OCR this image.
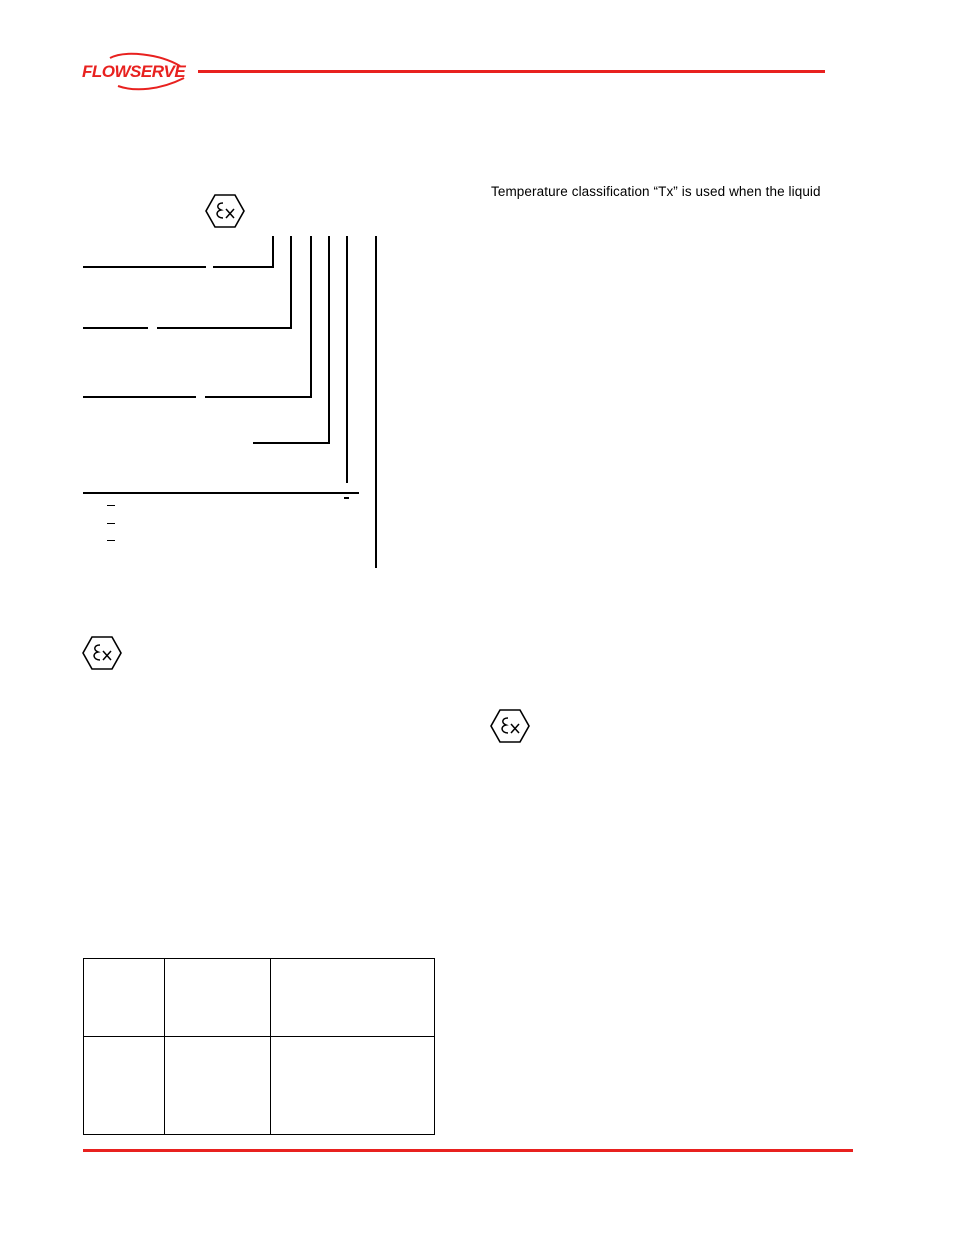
FLOWSERVE
Temperature classification “Tx” is used when the liquid
